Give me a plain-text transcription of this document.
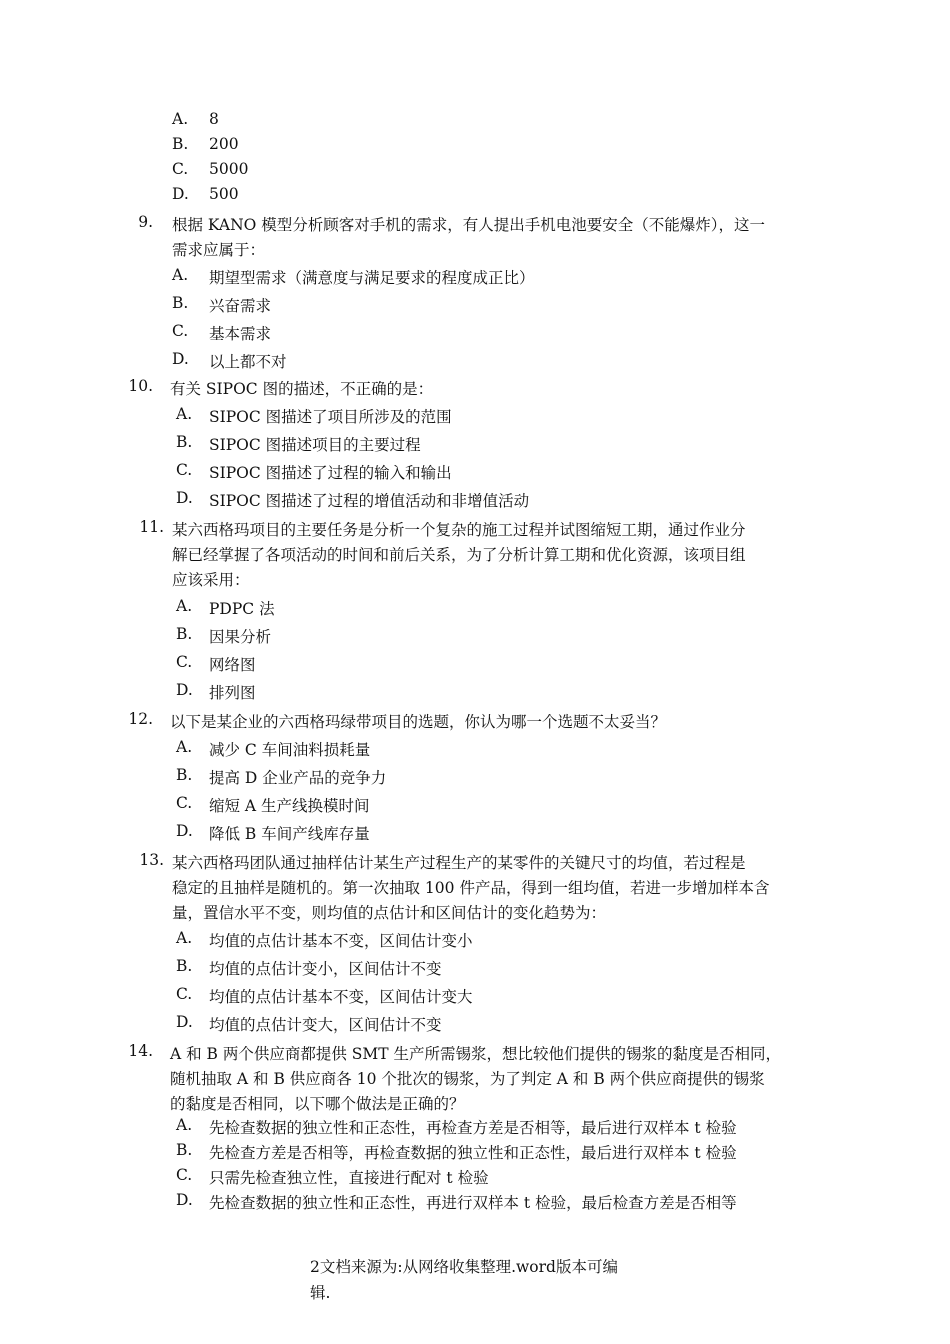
A. 8
B. 200
C. 5000
D. 500
9. 根据 KANO 模型分析顾客对手机的需求，有人提出手机电池要安全（不能爆炸），这一
需求应属于：
A. 期望型需求（满意度与满足要求的程度成正比）
B. 兴奋需求
C. 基本需求
D. 以上都不对
10. 有关 SIPOC 图的描述，不正确的是：
A. SIPOC 图描述了项目所涉及的范围
B. SIPOC 图描述项目的主要过程
C. SIPOC 图描述了过程的输入和输出
D. SIPOC 图描述了过程的增值活动和非增值活动
11. 某六西格玛项目的主要任务是分析一个复杂的施工过程并试图缩短工期，通过作业分
解已经掌握了各项活动的时间和前后关系，为了分析计算工期和优化资源，该项目组
应该采用：
A. PDPC 法
B. 因果分析
C. 网络图
D. 排列图
12. 以下是某企业的六西格玛绿带项目的选题，你认为哪一个选题不太妥当？
A. 减少 C 车间油料损耗量
B. 提高 D 企业产品的竞争力
C. 缩短 A 生产线换模时间
D. 降低 B 车间产线库存量
13. 某六西格玛团队通过抽样估计某生产过程生产的某零件的关键尺寸的均值，若过程是
稳定的且抽样是随机的。第一次抽取 100 件产品，得到一组均值，若进一步增加样本含
量，置信水平不变，则均值的点估计和区间估计的变化趋势为：
A. 均值的点估计基本不变，区间估计变小
B. 均值的点估计变小，区间估计不变
C. 均值的点估计基本不变，区间估计变大
D. 均值的点估计变大，区间估计不变
14. A 和 B 两个供应商都提供 SMT 生产所需锡浆，想比较他们提供的锡浆的黏度是否相同，
随机抽取 A 和 B 供应商各 10 个批次的锡浆，为了判定 A 和 B 两个供应商提供的锡浆
的黏度是否相同，以下哪个做法是正确的？
A. 先检查数据的独立性和正态性，再检查方差是否相等，最后进行双样本 t 检验
B. 先检查方差是否相等，再检查数据的独立性和正态性，最后进行双样本 t 检验
C. 只需先检查独立性，直接进行配对 t 检验
D. 先检查数据的独立性和正态性，再进行双样本 t 检验，最后检查方差是否相等
2文档来源为:从网络收集整理.word版本可编
辑.
